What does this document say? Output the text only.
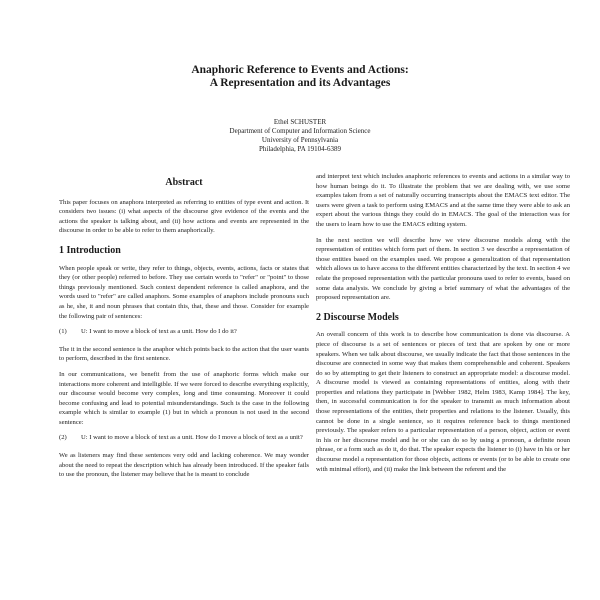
Anaphoric Reference to Events and Actions:
A Representation and its Advantages
Ethel SCHUSTER
Department of Computer and Information Science
University of Pennsylvania
Philadelphia, PA 19104-6389
Abstract

This paper focuses on anaphora interpreted as referring to entities of type event and action. It considers two issues: (i) what aspects of the discourse give evidence of the events and the actions the speaker is talking about, and (ii) how actions and events are represented in the discourse in order to be able to refer to them anaphorically.

1 Introduction

When people speak or write, they refer to things, objects, events, actions, facts or states that they (or other people) referred to before. They use certain words to "refer" or "point" to those things previously mentioned. Such context dependent reference is called anaphora, and the words used to "refer" are called anaphors. Some examples of anaphors include pronouns such as he, she, it and noun phrases that contain this, that, these and those. Consider for example the following pair of sentences:

(1)	U: I want to move a block of text as a unit. How do I do it?

The it in the second sentence is the anaphor which points back to the action that the user wants to perform, described in the first sentence.

In our communications, we benefit from the use of anaphoric forms which make our interactions more coherent and intelligible. If we were forced to describe everything explicitly, our discourse would become very complex, long and time consuming. Moreover it could become confusing and lead to potential misunderstandings. Such is the case in the following example which is similar to example (1) but in which a pronoun is not used in the second sentence:

(2)	U: I want to move a block of text as a unit. How do I move a block of text as a unit?

We as listeners may find these sentences very odd and lacking coherence. We may wonder about the need to repeat the description which has already been introduced. If the speaker fails to use the pronoun, the listener may believe that he is meant to conclude

and interpret text which includes anaphoric references to events and actions in a similar way to how human beings do it. To illustrate the problem that we are dealing with, we use some examples taken from a set of naturally occurring transcripts about the EMACS text editor. The users were given a task to perform using EMACS and at the same time they were able to ask an expert about the various things they could do in EMACS. The goal of the interaction was for the users to learn how to use the EMACS editing system.

In the next section we will describe how we view discourse models along with the representation of entities which form part of them. In section 3 we describe a representation of those entities based on the examples used. We propose a generalization of that representation which allows us to have access to the different entities characterized by the text. In section 4 we relate the proposed representation with the particular pronouns used to refer to events, based on some data analysis. We conclude by giving a brief summary of what the advantages of the proposed representation are.

2 Discourse Models

An overall concern of this work is to describe how communication is done via discourse. A piece of discourse is a set of sentences or pieces of text that are spoken by one or more speakers. When we talk about discourse, we usually indicate the fact that those sentences in the discourse are connected in some way that makes them comprehensible and coherent. Speakers do so by attempting to get their listeners to construct an appropriate model: a discourse model. A discourse model is viewed as containing representations of entities, along with their properties and relations they participate in [Webber 1982, Helm 1983, Kamp 1984]. The key, then, in successful communication is for the speaker to transmit as much information about those representations of the entities, their properties and relations to the listener. Usually, this cannot be done in a single sentence, so it requires reference back to things mentioned previously. The speaker refers to a particular representation of a person, object, action or event in his or her discourse model and he or she can do so by using a pronoun, a definite noun phrase, or a form such as do it, do that. The speaker expects the listener to (i) have in his or her discourse model a representation for those objects, actions or events (or to be able to create one with minimal effort), and (ii) make the link between the referent and the
